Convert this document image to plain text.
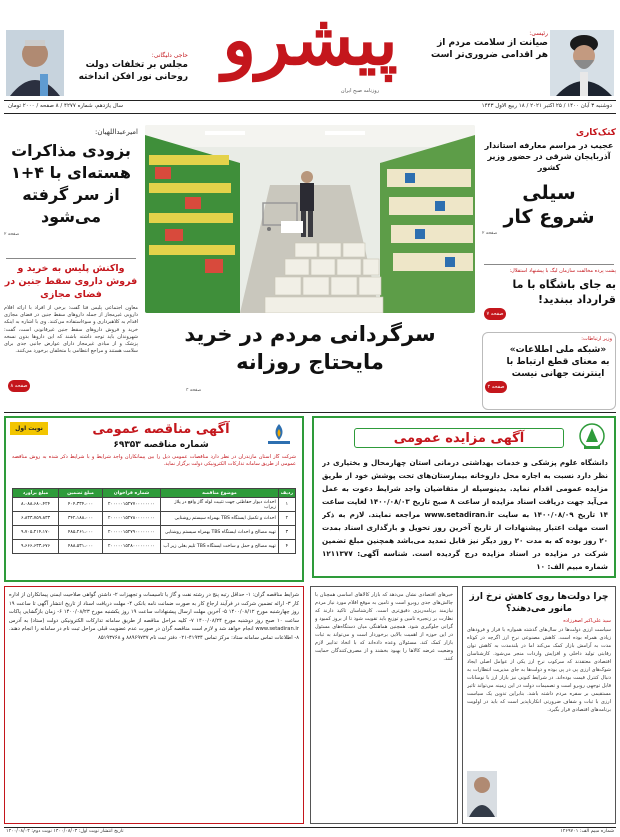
حاجی دلیگانی:
مجلس بر تخلفات دولت روحانی نور افکن انداخته پیشرو
روزنامه صبح ایران
رئیسی:
صیانت از سلامت مردم از هر اقدامی ضروری‌تر است
دوشنبه ۳ آبان ۱۴۰۰ / ۲۵ اکتبر ۲۰۲۱ / ۱۸ ربیع الاول ۱۴۴۳
سال یازدهم، شماره ۴۲۷۷ / ۸ صفحه / ۲۰۰۰ تومان
امیرعبداللهیان:
بزودی مذاکرات هسته‌ای با ۴+۱ از سر گرفته می‌شود
صفحه ۲
واکنش پلیس به خرید و فروش داروی سقط جنین در فضای مجازی
معاون اجتماعی پلیس فتا گفت: برخی از افراد با ارائه اقلام دارویی غیرمجاز از جمله داروهای سقط جنین در فضای مجازی اقدام به کلاهبرداری و سوءاستفاده می‌کنند. وی با اشاره به اینکه خرید و فروش داروهای سقط جنین غیرقانونی است، گفت: شهروندان باید توجه داشته باشند که این داروها بدون نسخه پزشک و از مبادی غیرمجاز دارای عوارض جانبی جدی برای سلامت هستند و مراجع انتظامی با متخلفان برخورد می‌کنند.
صفحه ۸
سرگردانی مردم در خرید مایحتاج روزانه
صفحه ۳
کتک‌کاری
عجیب در مراسم معارفه استاندار آذربایجان شرقی در حضور وزیر کشور
سیلی شروع کار
صفحه ۲
پشت پرده مخالفت سازمان لیگ با پیشنهاد استقلال:
به جای باشگاه با ما قرارداد ببندید!
صفحه ۷
وزیر ارتباطات:
«شبکه ملی اطلاعات» به معنای قطع ارتباط با اینترنت جهانی نیست
صفحه ۲
نوبت اول	آگهی مناقصه عمومی
شماره مناقصه ۶۹۳۵۳
شرکت گاز استان مازندران در نظر دارد مناقصات عمومی ذیل را بین پیمانکاران واجد شرایط و با شرایط ذکر شده به روش مناقصه عمومی از طریق سامانه تدارکات الکترونیکی دولت برگزار نماید.
ردیف	موضوع مناقصه	شماره فراخوان	مبلغ تضمین	مبلغ برآورد
۱	احداث دیوار حفاظتی جهت تثبیت لوله گاز واقع در پلاژ زیراب	۲۰۰۰۰۰۱۵۲۷۷۰۰۰۰۰۰۰۰	۴۰۴،۳۳۴،۰۰۰	۸،۰۸۸،۶۸۰،۴۲۴
۲	احداث و تکمیل ایستگاه TBS بهمراه سیستم روشنایی	۲۰۰۰۰۰۱۵۲۷۸۰۰۰۰۰۰۰۰	۳۴۲،۱۸۸،۰۰۰	۶،۸۳۳،۷۵۹،۸۳۳
۳	تهیه مصالح و احداث ایستگاه TBS بهمراه سیستم روشنایی	۲۰۰۰۰۰۱۵۲۷۹۰۰۰۰۰۰۰۰	۴۸۵،۲۶۱،۰۰۰	۹،۷۰۵،۲۱۴،۱۷۰
۴	تهیه مصالح و حمل و ساخت ایستگاه TBS تلیم بغلی زیر آب	۲۰۰۰۰۰۱۵۲۸۰۰۰۰۰۰۰۰۰	۴۸۸،۵۳۱،۰۰۰	۹،۶۶۶،۶۳۳،۶۷۶
آگهی مزایده عمومی
دانشگاه علوم پزشکی و خدمات بهداشتی درمانی استان چهارمحال و بختیاری در نظر دارد نسبت به اجاره محل داروخانه بیمارستان‌های تحت پوشش خود از طریق مزایده عمومی اقدام نماید. بدینوسیله از متقاضیان واجد شرایط دعوت به عمل می‌آید جهت دریافت اسناد مزایده از ساعت ۸ صبح تاریخ ۱۴۰۰/۰۸/۰۳ لغایت ساعت ۱۴ تاریخ ۱۴۰۰/۰۸/۰۹ به سایت www.setadiran.ir مراجعه نمایند. لازم به ذکر است مهلت اعتبار پیشنهادات از تاریخ آخرین روز تحویل و بارگذاری اسناد بمدت ۲۰ روز بوده که به مدت ۲۰ روز دیگر نیز قابل تمدید می‌باشد همچنین مبلغ تضمین شرکت در مزایده در اسناد مزایده درج گردیده است. شناسه آگهی: ۱۲۱۱۳۷۷ شماره مبیم الف: ۱۰
شرایط مناقصه گران: ۱- حداقل رتبه پنج در رشته نفت و گاز یا تاسیسات و تجهیزات ۲- داشتن گواهی صلاحیت ایمنی پیمانکاران از اداره کار ۳- ارائه تضمین شرکت در فرآیند ارجاع کار به صورت ضمانت نامه بانکی ۴- مهلت دریافت اسناد از تاریخ انتشار آگهی تا ساعت ۱۹ روز چهارشنبه مورخ ۱۴۰۰/۰۸/۱۲ ۵- آخرین مهلت ارسال پیشنهادات ساعت ۱۹ روز یکشنبه مورخ ۱۴۰۰/۰۸/۲۳ ۶- زمان بازگشایی پاکات ساعت ۱۰ صبح روز دوشنبه مورخ ۱۴۰۰/۰۸/۲۴ ۷- کلیه مراحل مناقصه از طریق سامانه تدارکات الکترونیکی دولت (ستاد) به آدرس www.setadiran.ir انجام خواهد شد و لازم است مناقصه گران در صورت عدم عضویت قبلی مراحل ثبت نام در سامانه را انجام دهند. ۸- اطلاعات تماس سامانه ستاد: مرکز تماس ۴۱۹۳۴-۰۲۱ دفتر ثبت نام ۸۸۹۶۹۷۳۷ و ۸۵۱۹۳۷۶۸
خبرهای اقتصادی نشان می‌دهد که بازار کالاهای اساسی همچنان با چالش‌های جدی روبرو است و تامین به موقع اقلام مورد نیاز مردم نیازمند برنامه‌ریزی دقیق‌تری است. کارشناسان تاکید دارند که نظارت بر زنجیره تامین و توزیع باید تقویت شود تا از بروز کمبود و گرانی جلوگیری شود. همچنین هماهنگی میان دستگاه‌های مسئول در این حوزه از اهمیت بالایی برخوردار است و می‌تواند به ثبات بازار کمک کند. مسئولان وعده داده‌اند که با اتخاذ تدابیر لازم وضعیت عرضه کالاها را بهبود بخشند و از مصرف‌کنندگان حمایت کنند.
چرا دولت‌ها روی کاهش نرخ ارز مانور می‌دهند؟
سید علی‌اکبر اصغرزاده
سیاست ارزی دولت‌ها در سال‌های گذشته همواره با فراز و فرودهای زیادی همراه بوده است. کاهش مصنوعی نرخ ارز اگرچه در کوتاه مدت به آرامش بازار کمک می‌کند اما در بلندمدت به کاهش توان رقابتی تولید داخلی و افزایش واردات منجر می‌شود. کارشناسان اقتصادی معتقدند که سرکوب نرخ ارز یکی از عوامل اصلی ایجاد شوک‌های ارزی پی در پی بوده و دولت‌ها به جای مدیریت انتظارات به دنبال کنترل قیمت بوده‌اند. در شرایط کنونی نیز بازار ارز با نوسانات قابل توجهی روبرو است و تصمیمات دولت در این زمینه می‌تواند تاثیر مستقیمی بر سفره مردم داشته باشد. بنابراین تدوین یک سیاست ارزی با ثبات و شفاف ضرورتی انکارناپذیر است که باید در اولویت برنامه‌های اقتصادی قرار بگیرد.
تاریخ انتشار نوبت اول: ۱۴۰۰/۰۸/۰۳ نوبت دوم: ۱۴۰۰/۰۸/۰۴	شماره مبیم الف: ۱۲۶۹۷۰۱
